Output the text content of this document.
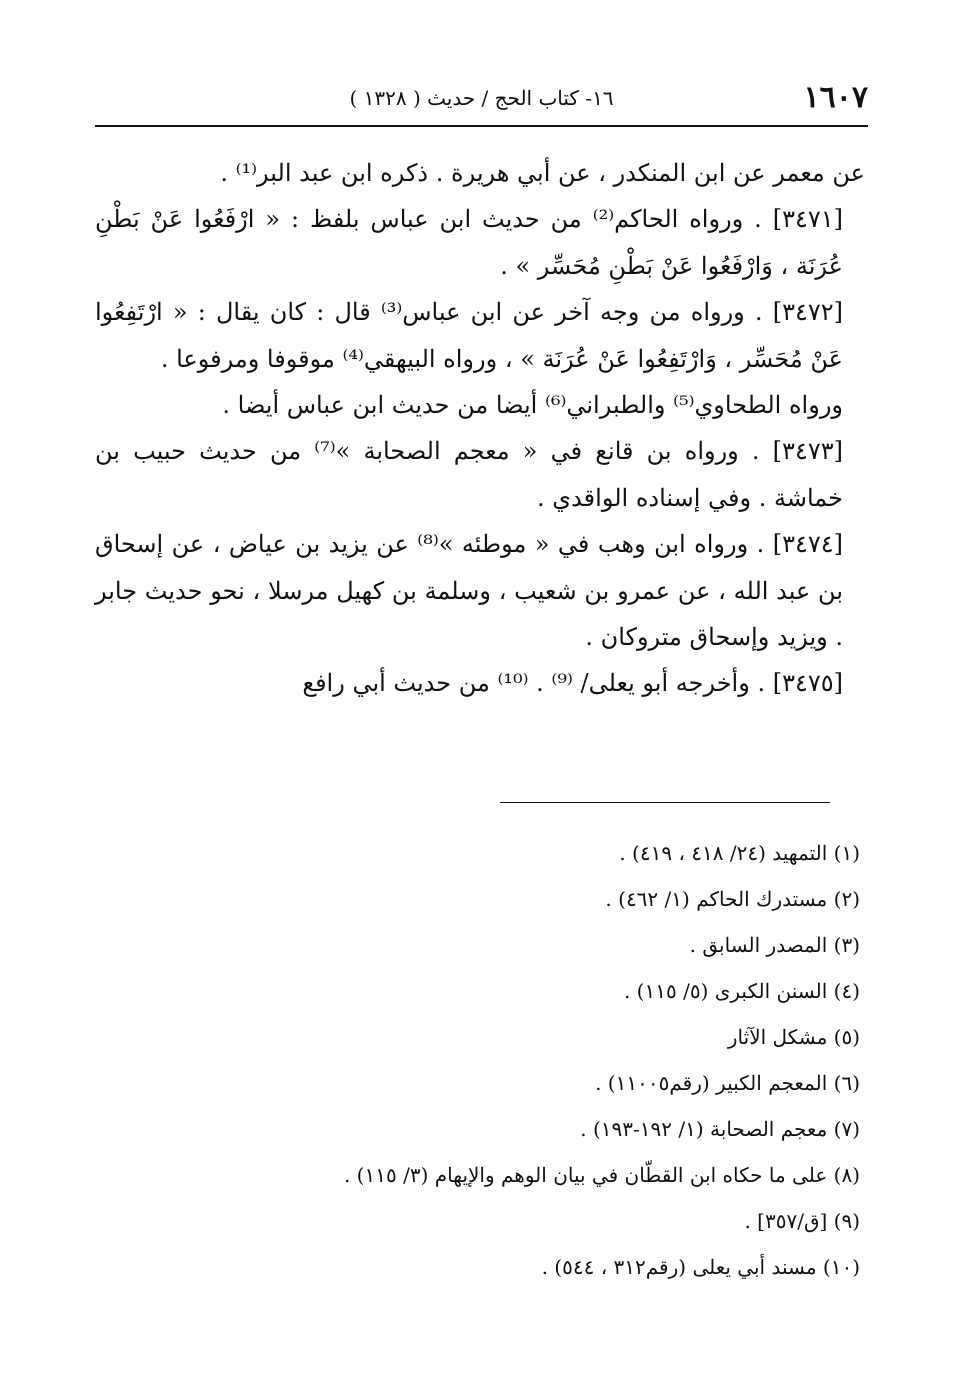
١٦٠٧
١٦- كتاب الحج / حديث ( ١٣٢٨ )

عن معمر عن ابن المنكدر ، عن أبي هريرة . ذكره ابن عبد البر⁽¹⁾ .

[٣٤٧١] . ورواه الحاكم⁽²⁾ من حديث ابن عباس بلفظ : « ارْفَعُوا عَنْ بَطْنِ عُرَنَة ، وَارْفَعُوا عَنْ بَطْنِ مُحَسِّر » .

[٣٤٧٢] . ورواه من وجه آخر عن ابن عباس⁽³⁾ قال : كان يقال : « ارْتَفِعُوا عَنْ مُحَسِّر ، وَارْتَفِعُوا عَنْ عُرَنَة » ، ورواه البيهقي⁽⁴⁾ موقوفا ومرفوعا .

ورواه الطحاوي⁽⁵⁾ والطبراني⁽⁶⁾ أيضا من حديث ابن عباس أيضا .

[٣٤٧٣] . ورواه بن قانع في « معجم الصحابة »⁽⁷⁾ من حديث حبيب بن خماشة . وفي إسناده الواقدي .

[٣٤٧٤] . ورواه ابن وهب في « موطئه »⁽⁸⁾ عن يزيد بن عياض ، عن إسحاق بن عبد الله ، عن عمرو بن شعيب ، وسلمة بن كهيل مرسلا ، نحو حديث جابر . ويزيد وإسحاق متروكان .

[٣٤٧٥] . وأخرجه أبو يعلى/ ⁽⁹⁾ . ⁽¹⁰⁾ من حديث أبي رافع

(١) التمهيد (٢٤/ ٤١٨ ، ٤١٩) .

(٢) مستدرك الحاكم (١/ ٤٦٢) .

(٣) المصدر السابق .

(٤) السنن الكبرى (٥/ ١١٥) .

(٥) مشكل الآثار

(٦) المعجم الكبير (رقم١١٠٠٥) .

(٧) معجم الصحابة (١/ ١٩٢-١٩٣) .

(٨) على ما حكاه ابن القطّان في بيان الوهم والإيهام (٣/ ١١٥) .

(٩) [ق/٣٥٧] .

(١٠) مسند أبي يعلى (رقم٣١٢ ، ٥٤٤) .
